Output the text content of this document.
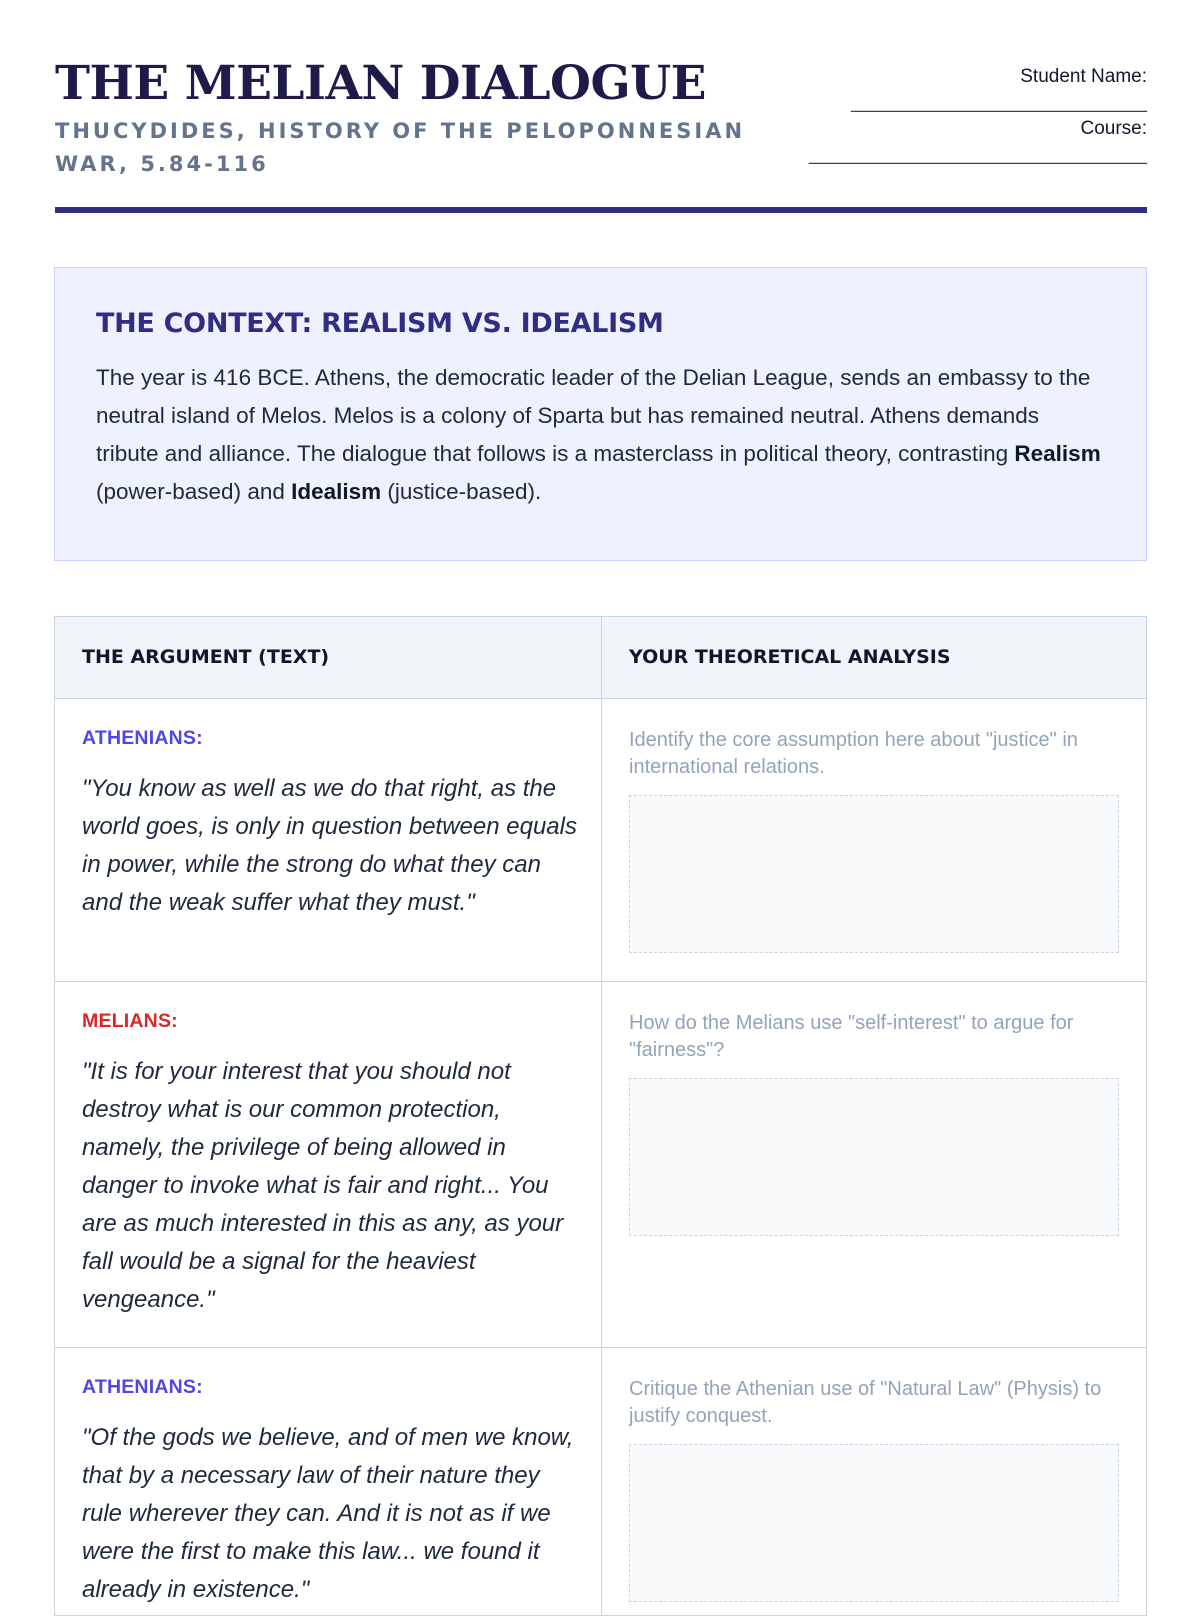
THE MELIAN DIALOGUE

THUCYDIDES, HISTORY OF THE PELOPONNESIAN WAR, 5.84-116

Student Name:
____________________________
Course:
________________________________
THE CONTEXT: REALISM VS. IDEALISM

The year is 416 BCE. Athens, the democratic leader of the Delian League, sends an embassy to the neutral island of Melos. Melos is a colony of Sparta but has remained neutral. Athens demands tribute and alliance. The dialogue that follows is a masterclass in political theory, contrasting Realism (power-based) and Idealism (justice-based).

THE ARGUMENT (TEXT)	YOUR THEORETICAL ANALYSIS

ATHENIANS:

"You know as well as we do that right, as the world goes, is only in question between equals in power, while the strong do what they can and the weak suffer what they must."

Identify the core assumption here about "justice" in international relations.

MELIANS:

"It is for your interest that you should not destroy what is our common protection, namely, the privilege of being allowed in danger to invoke what is fair and right... You are as much interested in this as any, as your fall would be a signal for the heaviest vengeance."

How do the Melians use "self-interest" to argue for "fairness"?

ATHENIANS:

"Of the gods we believe, and of men we know, that by a necessary law of their nature they rule wherever they can. And it is not as if we were the first to make this law... we found it already in existence."

Critique the Athenian use of "Natural Law" (Physis) to justify conquest.
